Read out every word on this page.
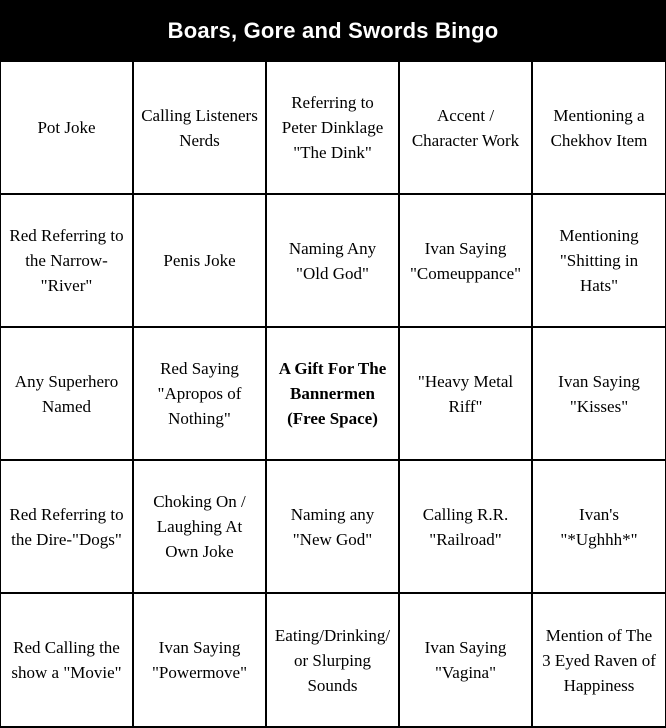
Boars, Gore and Swords Bingo
Pot Joke
Calling Listeners
Nerds
Referring to
Peter Dinklage
"The Dink"
Accent /
Character Work
Mentioning a
Chekhov Item
Red Referring to
the Narrow-
"River"
Penis Joke
Naming Any
"Old God"
Ivan Saying
"Comeuppance"
Mentioning
"Shitting in
Hats"
Any Superhero
Named
Red Saying
"Apropos of
Nothing"
A Gift For The
Bannermen
(Free Space)
"Heavy Metal
Riff"
Ivan Saying
"Kisses"
Red Referring to
the Dire-"Dogs"
Choking On /
Laughing At
Own Joke
Naming any
"New God"
Calling R.R.
"Railroad"
Ivan's
"*Ughhh*"
Red Calling the
show a "Movie"
Ivan Saying
"Powermove"
Eating/Drinking/
or Slurping
Sounds
Ivan Saying
"Vagina"
Mention of The
3 Eyed Raven of
Happiness
